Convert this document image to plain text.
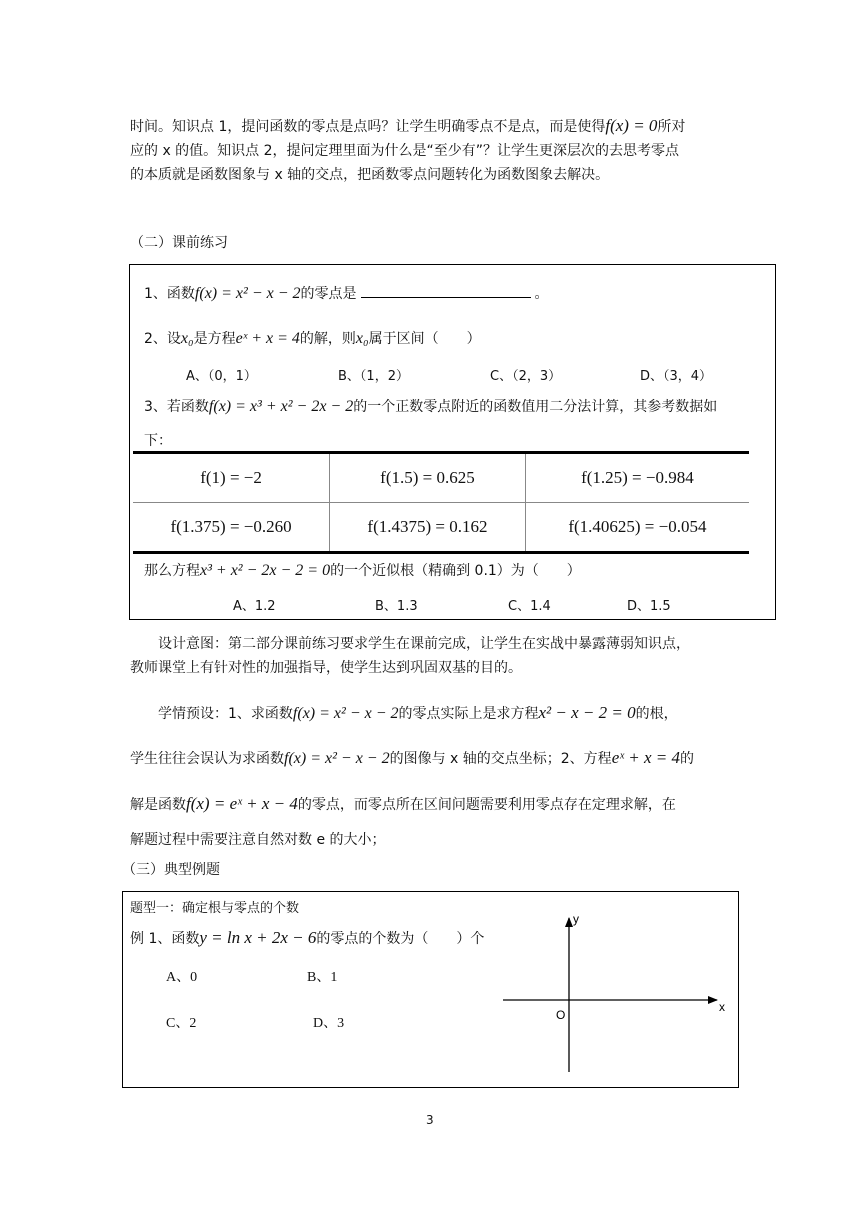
时间。知识点 1，提问函数的零点是点吗？让学生明确零点不是点，而是使得f(x) = 0所对
应的 x 的值。知识点 2，提问定理里面为什么是“至少有”？让学生更深层次的去思考零点
的本质就是函数图象与 x 轴的交点，把函数零点问题转化为函数图象去解决。
（二）课前练习
1、函数f(x) = x² − x − 2的零点是	。
2、设x₀是方程eˣ + x = 4的解，则x₀属于区间（　　）
A、（0，1）	B、（1，2）	C、（2，3）	D、（3，4）
3、若函数f(x) = x³ + x² − 2x − 2的一个正数零点附近的函数值用二分法计算，其参考数据如
下：
f(1) = −2	f(1.5) = 0.625	f(1.25) = −0.984
f(1.375) = −0.260	f(1.4375) = 0.162	f(1.40625) = −0.054
那么方程x³ + x² − 2x − 2 = 0的一个近似根（精确到 0.1）为（　　）
A、1.2	B、1.3	C、1.4	D、1.5
设计意图：第二部分课前练习要求学生在课前完成，让学生在实战中暴露薄弱知识点，
教师课堂上有针对性的加强指导，使学生达到巩固双基的目的。
学情预设：1、求函数f(x) = x² − x − 2的零点实际上是求方程x² − x − 2 = 0的根，
学生往往会误认为求函数f(x) = x² − x − 2的图像与 x 轴的交点坐标；2、方程eˣ + x = 4的
解是函数f(x) = eˣ + x − 4的零点，而零点所在区间问题需要利用零点存在定理求解，在
解题过程中需要注意自然对数 e 的大小；
（三）典型例题
题型一：确定根与零点的个数
例 1、函数y = ln x + 2x − 6的零点的个数为（　　）个
A、0	B、1
C、2	D、3
y
x
O
3
